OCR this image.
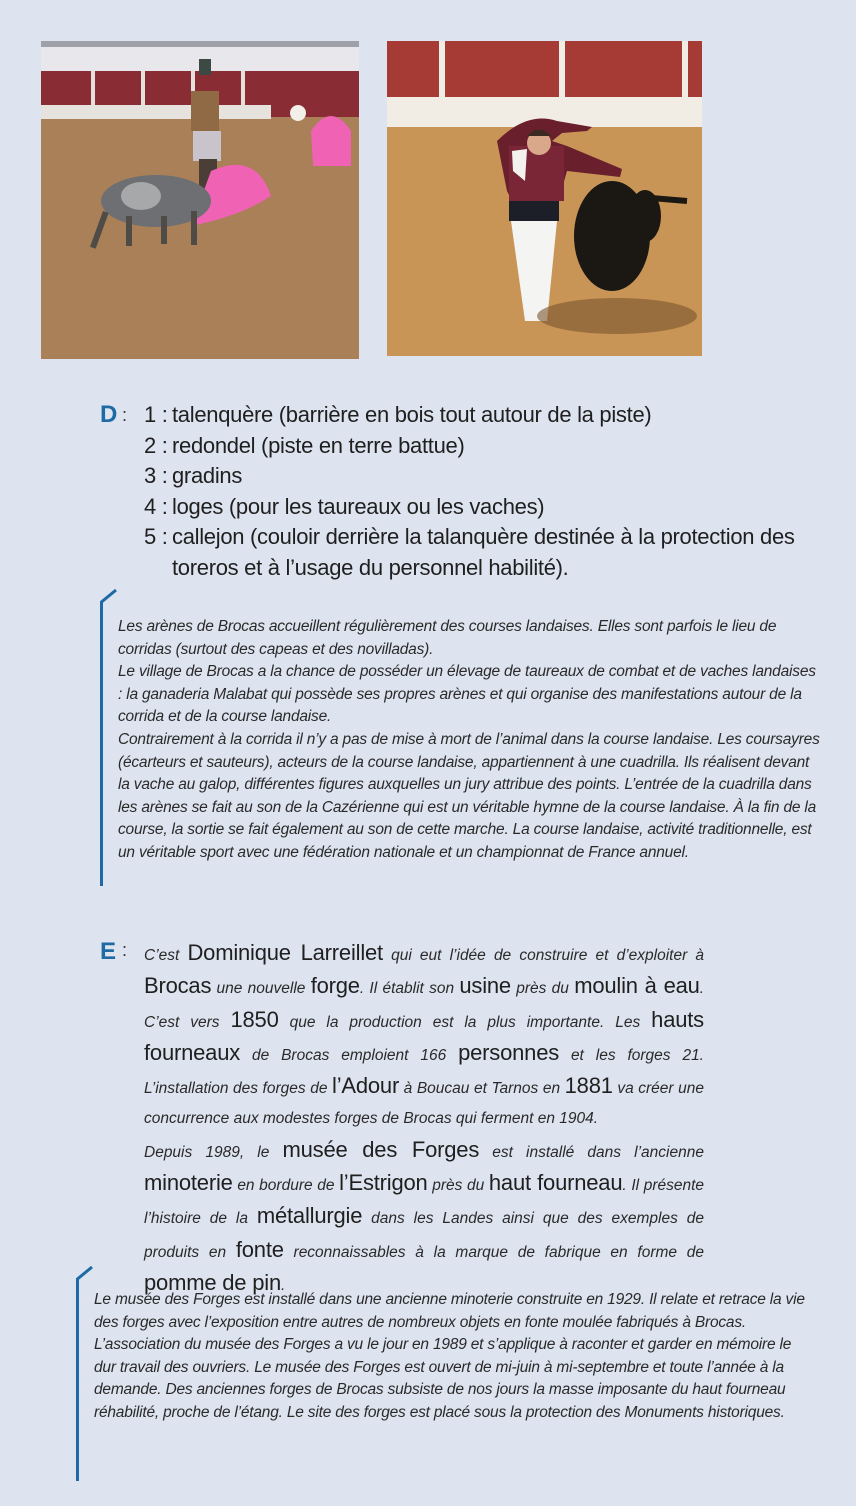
D : 1 : talenquère (barrière en bois tout autour de la piste)
2 : redondel (piste en terre battue)
3 : gradins
4 : loges (pour les taureaux ou les vaches)
5 : callejon (couloir derrière la talanquère destinée à la protection des toreros et à l’usage du personnel habilité).

Les arènes de Brocas accueillent régulièrement des courses landaises. Elles sont parfois le lieu de corridas (surtout des capeas et des novilladas).

Le village de Brocas a la chance de posséder un élevage de taureaux de combat et de vaches landaises : la ganaderia Malabat qui possède ses propres arènes et qui organise des manifestations autour de la corrida et de la course landaise.

Contrairement à la corrida il n’y a pas de mise à mort de l’animal dans la course landaise. Les coursayres (écarteurs et sauteurs), acteurs de la course landaise, appartiennent à une cuadrilla. Ils réalisent devant la vache au galop, différentes figures auxquelles un jury attribue des points. L’entrée de la cuadrilla dans les arènes se fait au son de la Cazérienne qui est un véritable hymne de la course landaise. À la fin de la course, la sortie se fait également au son de cette marche. La course landaise, activité traditionnelle, est un véritable sport avec une fédération nationale et un championnat de France annuel.

E : C’est Dominique Larreillet qui eut l’idée de construire et d’exploiter à Brocas une nouvelle forge. Il établit son usine près du moulin à eau. C’est vers 1850 que la production est la plus importante. Les hauts fourneaux de Brocas emploient 166 personnes et les forges 21. L’installation des forges de l’Adour à Boucau et Tarnos en 1881 va créer une concurrence aux modestes forges de Brocas qui ferment en 1904.

Depuis 1989, le musée des Forges est installé dans l’ancienne minoterie en bordure de l’Estrigon près du haut fourneau. Il présente l’histoire de la métallurgie dans les Landes ainsi que des exemples de produits en fonte reconnaissables à la marque de fabrique en forme de pomme de pin.

Le musée des Forges est installé dans une ancienne minoterie construite en 1929. Il relate et retrace la vie des forges avec l’exposition entre autres de nombreux objets en fonte moulée fabriqués à Brocas.

L’association du musée des Forges a vu le jour en 1989 et s’applique à raconter et garder en mémoire le dur travail des ouvriers. Le musée des Forges est ouvert de mi-juin à mi-septembre et toute l’année à la demande. Des anciennes forges de Brocas subsiste de nos jours la masse imposante du haut fourneau réhabilité, proche de l’étang. Le site des forges est placé sous la protection des Monuments historiques.
